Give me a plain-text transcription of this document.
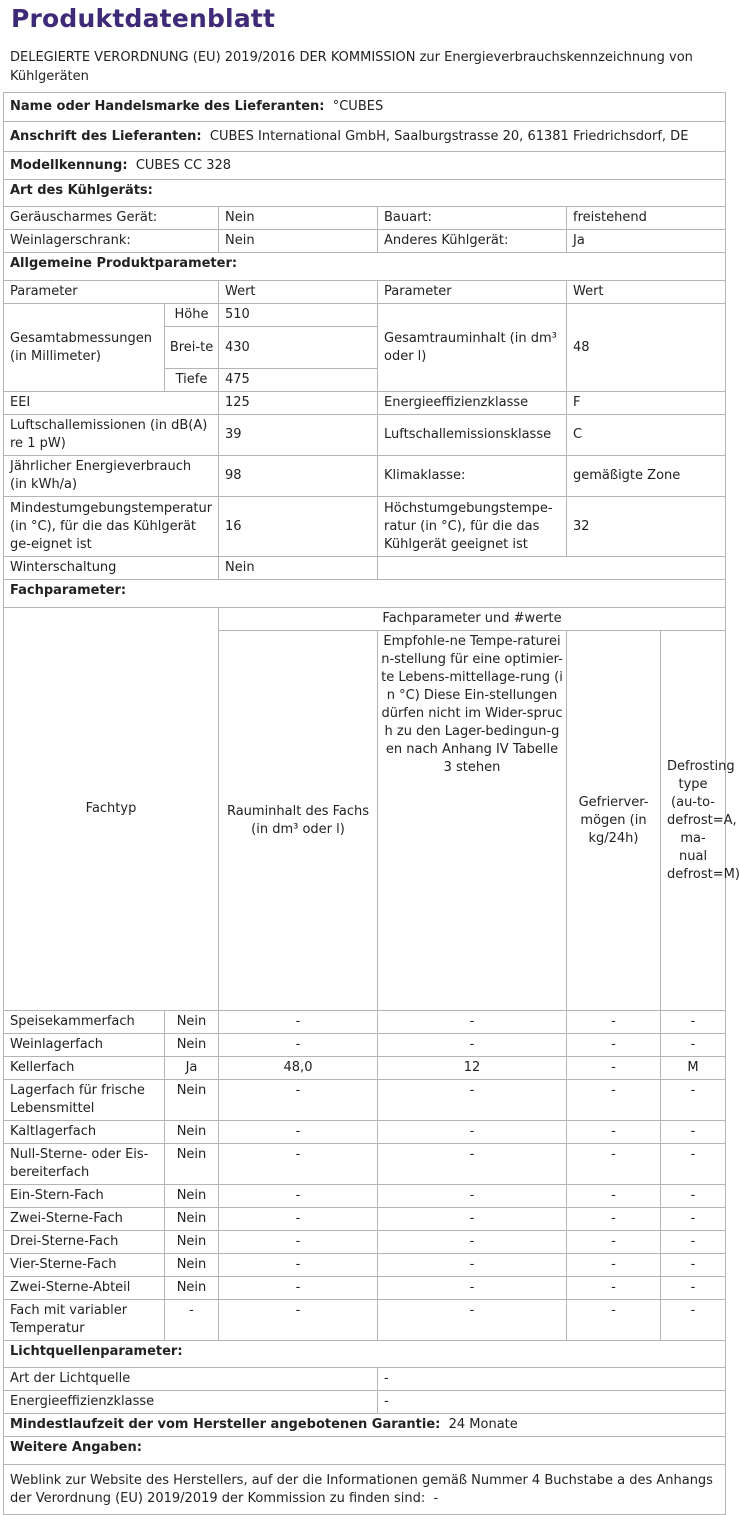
Produktdatenblatt
DELEGIERTE VERORDNUNG (EU) 2019/2016 DER KOMMISSION zur Energieverbrauchskennzeichnung von Kühlgeräten
Name oder Handelsmarke des Lieferanten: °CUBES					
Anschrift des Lieferanten: CUBES International GmbH, Saalburgstrasse 20, 61381 Friedrichsdorf, DE					
Modellkennung: CUBES CC 328					
Art des Kühlgeräts:					
Geräuscharmes Gerät:		Nein	Bauart:	freistehend	
Weinlagerschrank:		Nein	Anderes Kühlgerät:	Ja	
Allgemeine Produktparameter:					
Parameter		Wert	Parameter	Wert	
Gesamtabmessungen (in Millimeter)	Höhe	510	Gesamtrauminhalt (in dm³ oder l)	48	
	Brei-te	430			
	Tiefe	475			
EEI		125	Energieeffizienzklasse	F	
Luftschallemissionen (in dB(A) re 1 pW)		39	Luftschallemissionsklasse	C	
Jährlicher Energieverbrauch (in kWh/a)		98	Klimaklasse:	gemäßigte Zone	
Mindestumgebungstemperatur (in °C), für die das Kühlgerät ge-eignet ist		16	Höchstumgebungstempe-ratur (in °C), für die das Kühlgerät geeignet ist	32	
Winterschaltung		Nein			
Fachparameter:					
Fachtyp		Fachparameter und #werte			
		Rauminhalt des Fachs (in dm³ oder l)	Empfohle-ne Tempe-raturein-stellung für eine optimier-te Lebens-mittellage-rung (in °C) Diese Ein-stellungen dürfen nicht im Wider-spruch zu den Lager-bedingun-gen nach Anhang IV Tabelle 3 stehen	Gefrierver-mögen (in kg/24h)	Defrosting type (au-to-defrost=A, ma-nual defrost=M)
Speisekammerfach	Nein	-	-	-	-
Weinlagerfach	Nein	-	-	-	-
Kellerfach	Ja	48,0	12	-	M
Lagerfach für frische Lebensmittel	Nein	-	-	-	-
Kaltlagerfach	Nein	-	-	-	-
Null-Sterne- oder Eis-bereiterfach	Nein	-	-	-	-
Ein-Stern-Fach	Nein	-	-	-	-
Zwei-Sterne-Fach	Nein	-	-	-	-
Drei-Sterne-Fach	Nein	-	-	-	-
Vier-Sterne-Fach	Nein	-	-	-	-
Zwei-Sterne-Abteil	Nein	-	-	-	-
Fach mit variabler Temperatur	-	-	-	-	-
Lichtquellenparameter:					
Art der Lichtquelle			-		
Energieeffizienzklasse			-		
Mindestlaufzeit der vom Hersteller angebotenen Garantie: 24 Monate					
Weitere Angaben:					
Weblink zur Website des Herstellers, auf der die Informationen gemäß Nummer 4 Buchstabe a des Anhangs der Verordnung (EU) 2019/2019 der Kommission zu finden sind: -					
